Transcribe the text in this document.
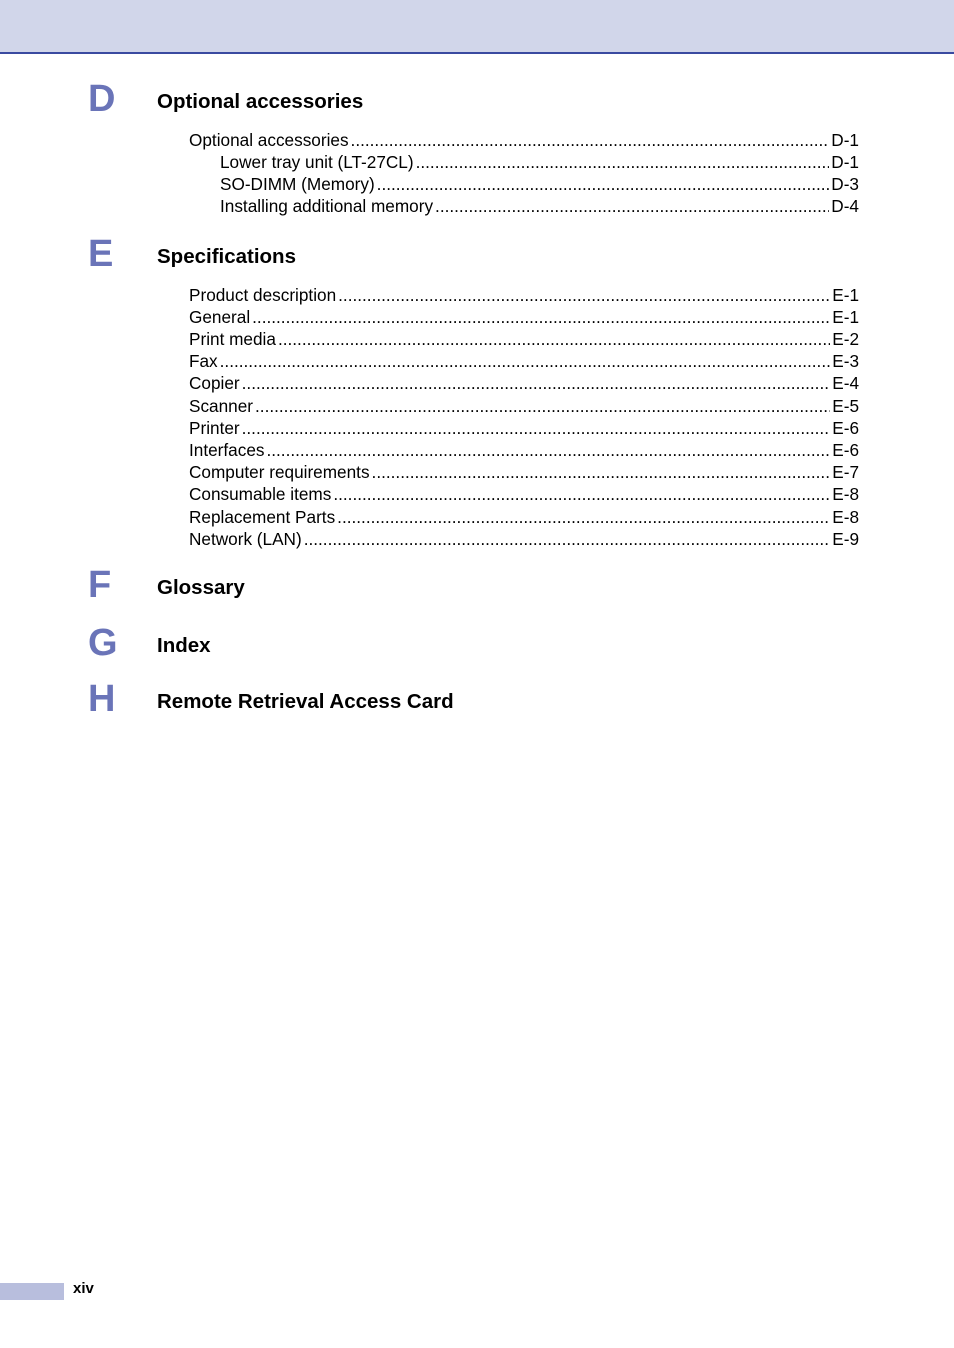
D Optional accessories
Optional accessories .....	D-1
Lower tray unit (LT-27CL) .....	D-1
SO-DIMM (Memory) .....	D-3
Installing additional memory .....	D-4
E Specifications
Product description .....	E-1
General .....	E-1
Print media .....	E-2
Fax .....	E-3
Copier .....	E-4
Scanner .....	E-5
Printer .....	E-6
Interfaces .....	E-6
Computer requirements .....	E-7
Consumable items .....	E-8
Replacement Parts .....	E-8
Network (LAN) .....	E-9
F	Glossary
G Index
H Remote Retrieval Access Card
xiv
